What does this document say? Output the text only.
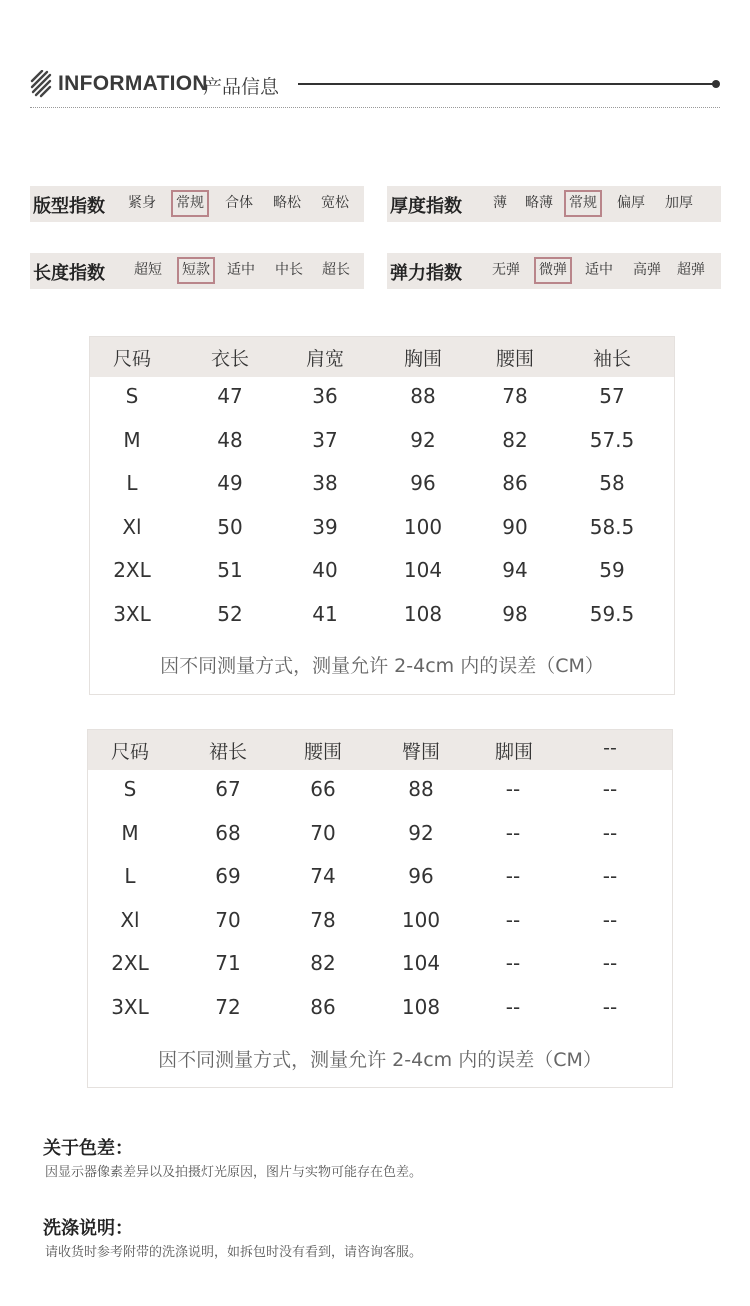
INFORMATION
产品信息
版型指数 紧身	常规	合体 略松 宽松 厚度指数 薄 略薄	常规	偏厚 加厚
长度指数 超短	短款	适中 中长 超长 弹力指数 无弹	微弹	适中 高弹 超弹
尺码	衣长	肩宽	胸围	腰围	袖长
S	47	36	88	78	57
M	48	37	92	82	57.5
L	49	38	96	86	58
Xl	50	39	100	90	58.5
2XL	51	40	104	94	59
3XL	52	41	108	98	59.5
因不同测量方式，测量允许 2-4cm 内的误差（CM）
尺码	裙长	腰围	臀围	脚围	--
S	67	66	88	--	--
M	68	70	92	--	--
L	69	74	96	--	--
Xl	70	78	100	--	--
2XL	71	82	104	--	--
3XL	72	86	108	--	--
因不同测量方式，测量允许 2-4cm 内的误差（CM）
关于色差：
因显示器像素差异以及拍摄灯光原因，图片与实物可能存在色差。
洗涤说明：
请收货时参考附带的洗涤说明，如拆包时没有看到，请咨询客服。
